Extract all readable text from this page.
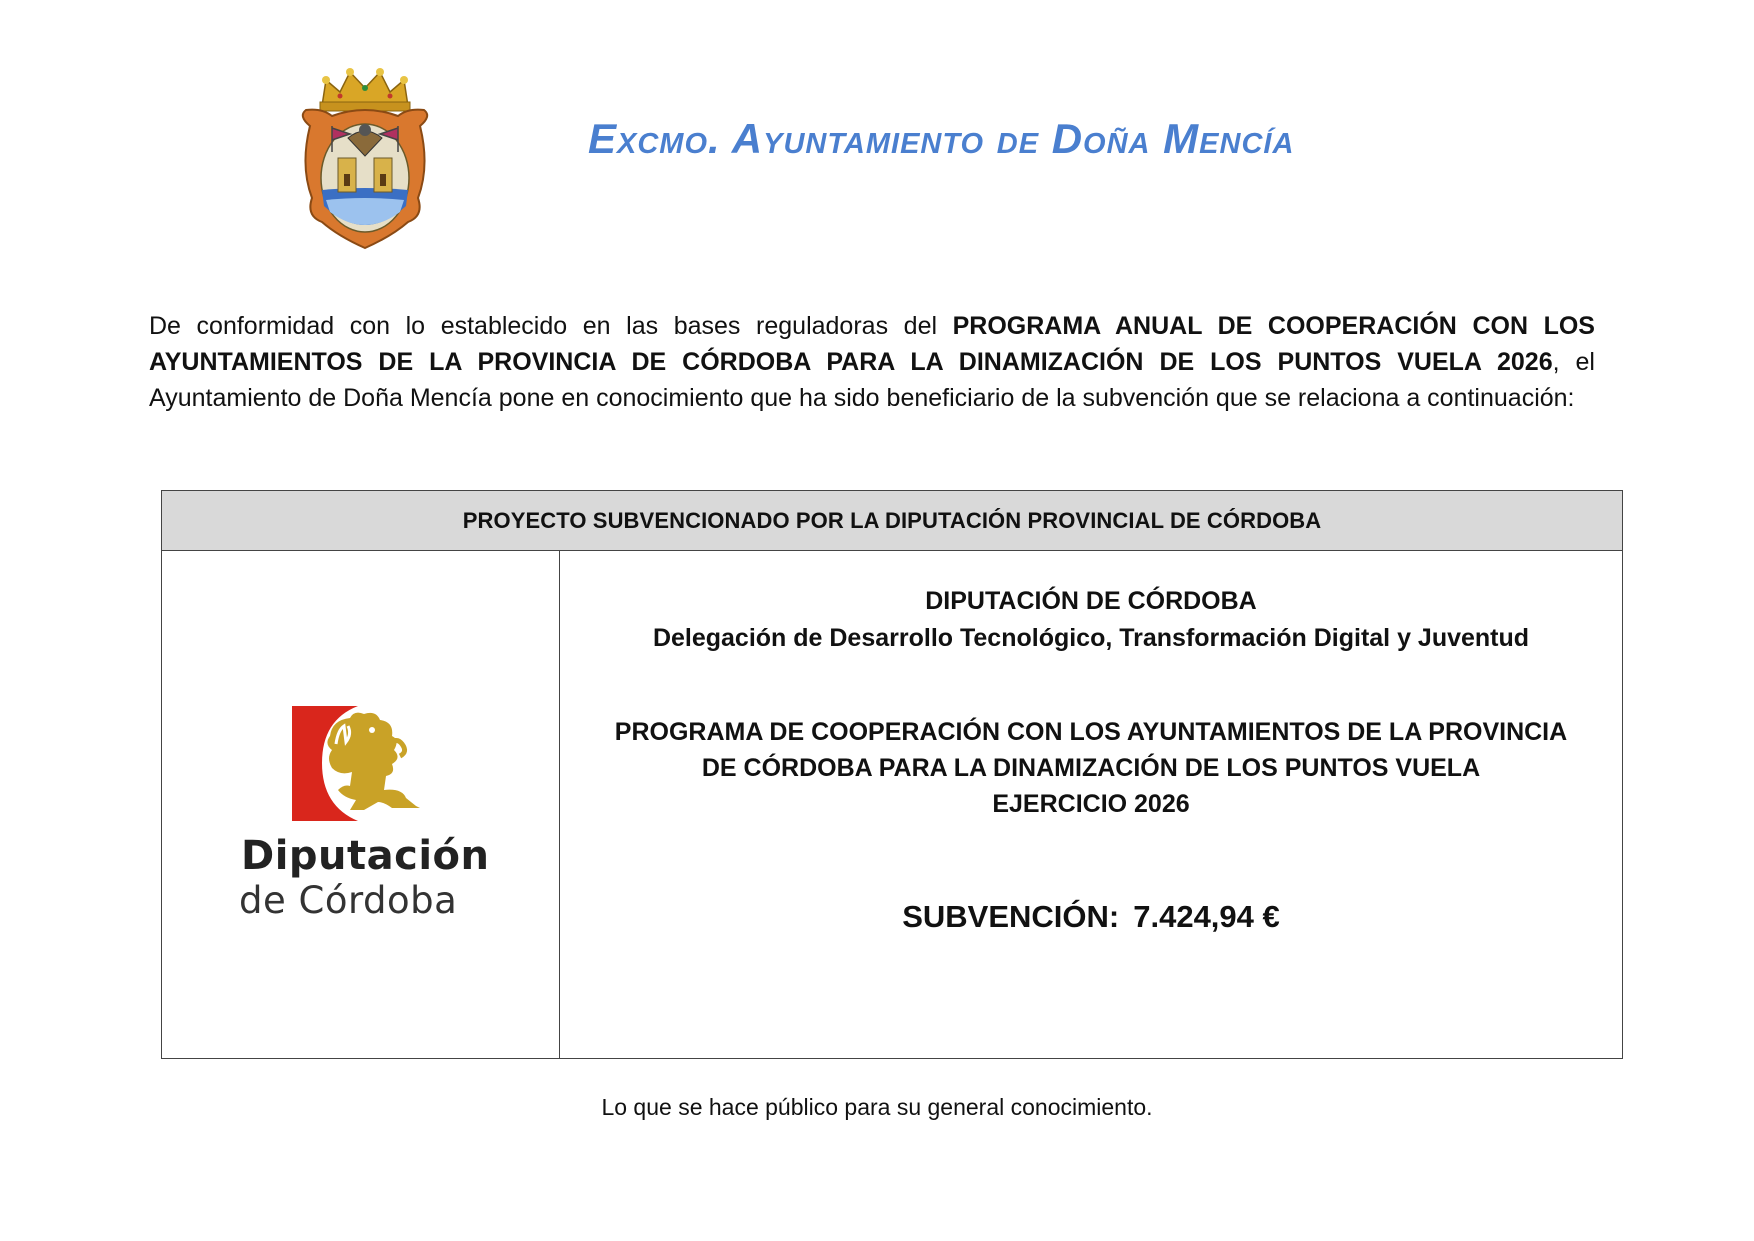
Excmo. Ayuntamiento de Doña Mencía
De conformidad con lo establecido en las bases reguladoras del PROGRAMA ANUAL DE COOPERACIÓN CON LOS AYUNTAMIENTOS DE LA PROVINCIA DE CÓRDOBA PARA LA DINAMIZACIÓN DE LOS PUNTOS VUELA 2026, el Ayuntamiento de Doña Mencía pone en conocimiento que ha sido beneficiario de la subvención que se relaciona a continuación:
PROYECTO SUBVENCIONADO POR LA DIPUTACIÓN PROVINCIAL DE CÓRDOBA
Diputación
de Córdoba
DIPUTACIÓN DE CÓRDOBA
Delegación de Desarrollo Tecnológico, Transformación Digital y Juventud
PROGRAMA DE COOPERACIÓN CON LOS AYUNTAMIENTOS DE LA PROVINCIA
DE CÓRDOBA PARA LA DINAMIZACIÓN DE LOS PUNTOS VUELA
EJERCICIO 2026
SUBVENCIÓN: 7.424,94 €
Lo que se hace público para su general conocimiento.
